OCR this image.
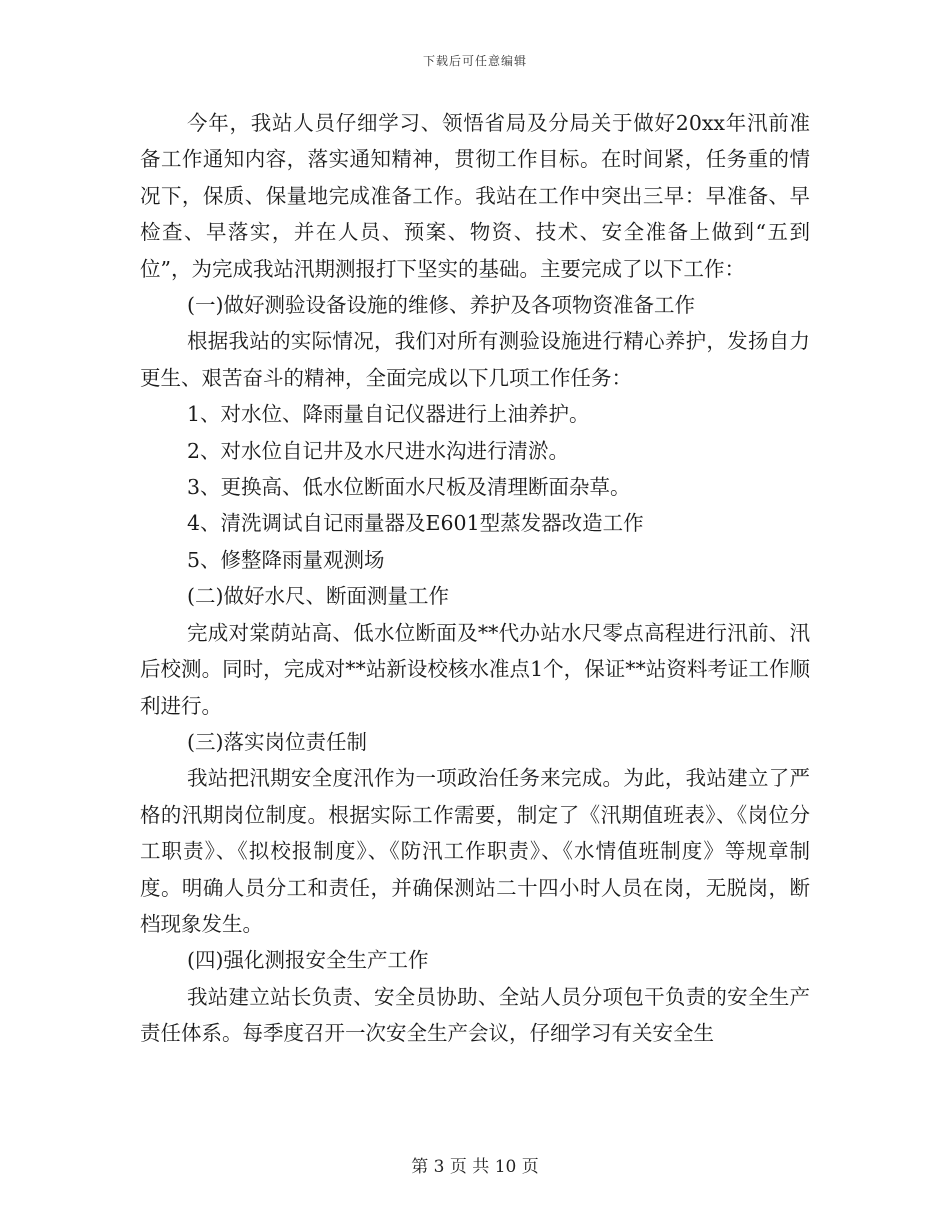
下载后可任意编辑

今年，我站人员仔细学习、领悟省局及分局关于做好20xx年汛前准备工作通知内容，落实通知精神，贯彻工作目标。在时间紧，任务重的情况下，保质、保量地完成准备工作。我站在工作中突出三早：早准备、早检查、早落实，并在人员、预案、物资、技术、安全准备上做到“五到位”，为完成我站汛期测报打下坚实的基础。主要完成了以下工作：

(一)做好测验设备设施的维修、养护及各项物资准备工作

根据我站的实际情况，我们对所有测验设施进行精心养护，发扬自力更生、艰苦奋斗的精神，全面完成以下几项工作任务：

1、对水位、降雨量自记仪器进行上油养护。

2、对水位自记井及水尺进水沟进行清淤。

3、更换高、低水位断面水尺板及清理断面杂草。

4、清洗调试自记雨量器及E601型蒸发器改造工作

5、修整降雨量观测场

(二)做好水尺、断面测量工作

完成对棠荫站高、低水位断面及**代办站水尺零点高程进行汛前、汛后校测。同时，完成对**站新设校核水准点1个，保证**站资料考证工作顺利进行。

(三)落实岗位责任制

我站把汛期安全度汛作为一项政治任务来完成。为此，我站建立了严格的汛期岗位制度。根据实际工作需要，制定了《汛期值班表》、《岗位分工职责》、《拟校报制度》、《防汛工作职责》、《水情值班制度》等规章制度。明确人员分工和责任，并确保测站二十四小时人员在岗，无脱岗，断档现象发生。

(四)强化测报安全生产工作

我站建立站长负责、安全员协助、全站人员分项包干负责的安全生产责任体系。每季度召开一次安全生产会议，仔细学习有关安全生

第 3 页 共 10 页
